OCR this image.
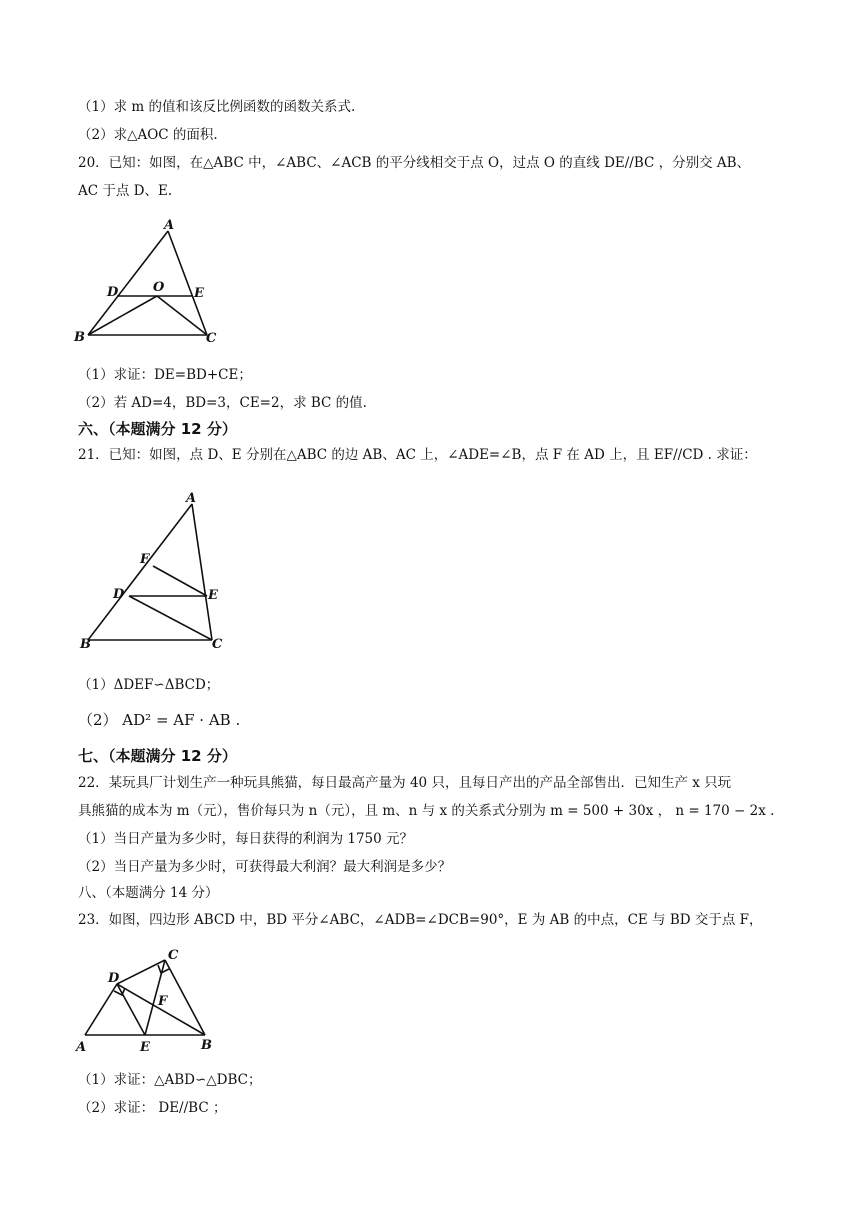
（1）求 m 的值和该反比例函数的函数关系式.
（2）求△AOC 的面积.
20．已知：如图，在△ABC 中，∠ABC、∠ACB 的平分线相交于点 O，过点 O 的直线 DE//BC ，分别交 AB、
AC 于点 D、E.
A
D	O E
B	C
（1）求证：DE=BD+CE；
（2）若 AD=4，BD=3，CE=2，求 BC 的值.
六、（本题满分 12 分）
21．已知：如图，点 D、E 分别在△ABC 的边 AB、AC 上，∠ADE=∠B，点 F 在 AD 上，且 EF//CD . 求证：
A
F
D	E
B	C
（1）ΔDEF∽ΔBCD；
（2） AD² = AF · AB .
七、（本题满分 12 分）
22．某玩具厂计划生产一种玩具熊猫，每日最高产量为 40 只，且每日产出的产品全部售出．已知生产 x 只玩
具熊猫的成本为 m（元），售价每只为 n（元），且 m、n 与 x 的关系式分别为 m = 500 + 30x ， n = 170 − 2x .
（1）当日产量为多少时，每日获得的利润为 1750 元？
（2）当日产量为多少时，可获得最大利润？最大利润是多少？
八、（本题满分 14 分）
23．如图，四边形 ABCD 中，BD 平分∠ABC，∠ADB=∠DCB=90°，E 为 AB 的中点，CE 与 BD 交于点 F，
D
C
F
A	E	B
（1）求证：△ABD∽△DBC；
（2）求证： DE//BC ；
